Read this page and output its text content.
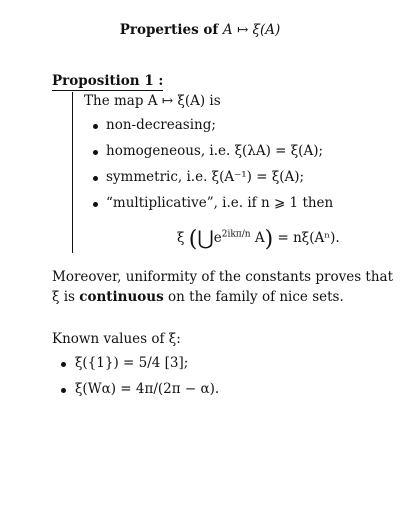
Properties of A ↦ ξ(A)
Proposition 1 :
The map A ↦ ξ(A) is
non-decreasing;
homogeneous, i.e. ξ(λA) = ξ(A);
symmetric, i.e. ξ(A⁻¹) = ξ(A);
“multiplicative”, i.e. if n ⩾ 1 then
ξ ($⋃e^{2ik\pi/n}$ A) = nξ(Aⁿ).
Moreover, uniformity of the constants proves that
ξ is continuous on the family of nice sets.
Known values of ξ:
ξ({1}) = 5/4 [3];
ξ(Wα) = 4π/(2π − α).
